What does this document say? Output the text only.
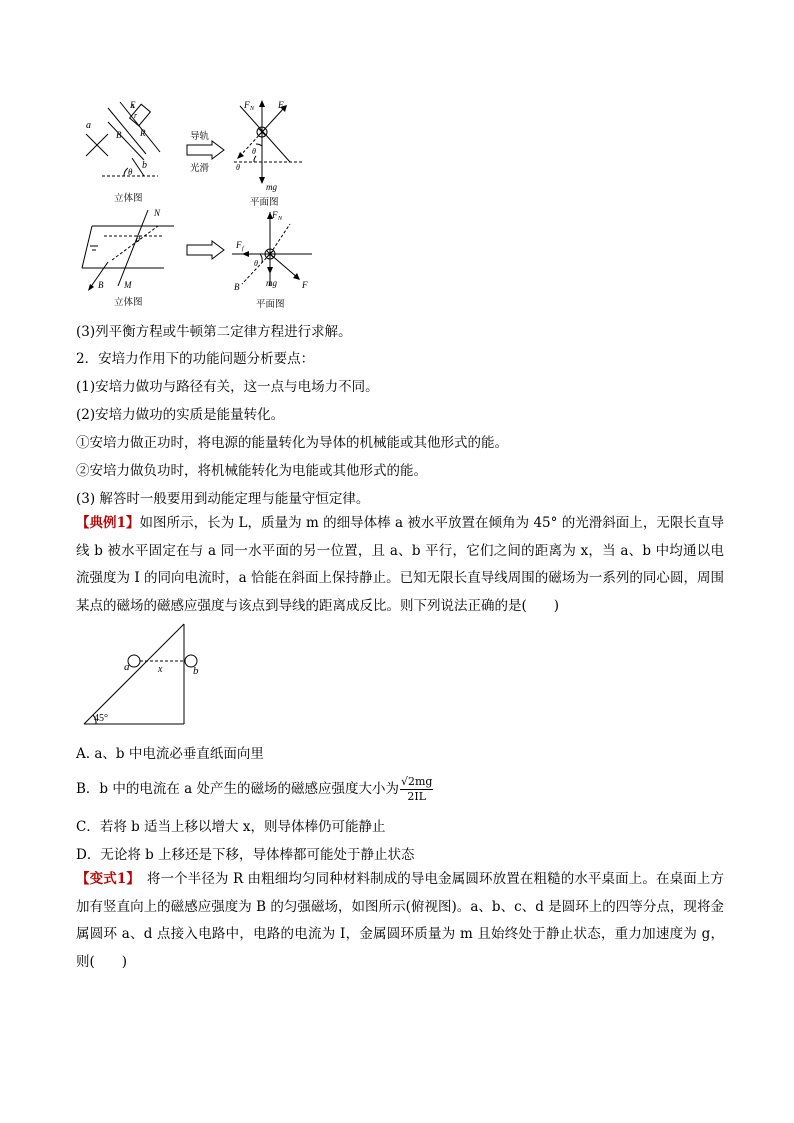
E
r
R
a
b
B
θ
立体图
导轨
光滑
F N	F
mg
θ
θ
平面图
N
θ
B M
立体图
F N
F f
F
mg
B
θ
平面图
(3)列平衡方程或牛顿第二定律方程进行求解。
2．安培力作用下的功能问题分析要点：
(1)安培力做功与路径有关，这一点与电场力不同。
(2)安培力做功的实质是能量转化。
①安培力做正功时，将电源的能量转化为导体的机械能或其他形式的能。
②安培力做负功时，将机械能转化为电能或其他形式的能。
(3) 解答时一般要用到动能定理与能量守恒定律。
【典例1】如图所示，长为 L，质量为 m 的细导体棒 a 被水平放置在倾角为 45° 的光滑斜面上，无限长直导线 b 被水平固定在与 a 同一水平面的另一位置，且 a、b 平行，它们之间的距离为 x，当 a、b 中均通以电流强度为 I 的同向电流时，a 恰能在斜面上保持静止。已知无限长直导线周围的磁场为一系列的同心圆，周围某点的磁场的磁感应强度与该点到导线的距离成反比。则下列说法正确的是(　　)
a	b
x
45°
A. a、b 中电流必垂直纸面向里
B．b 中的电流在 a 处产生的磁场的磁感应强度大小为 $\frac{√2mg}{2IL}$
C．若将 b 适当上移以增大 x，则导体棒仍可能静止
D．无论将 b 上移还是下移，导体棒都可能处于静止状态
【变式1】　将一个半径为 R 由粗细均匀同种材料制成的导电金属圆环放置在粗糙的水平桌面上。在桌面上方加有竖直向上的磁感应强度为 B 的匀强磁场，如图所示(俯视图)。a、b、c、d 是圆环上的四等分点，现将金属圆环 a、d 点接入电路中，电路的电流为 I，金属圆环质量为 m 且始终处于静止状态，重力加速度为 g，则(　　)
